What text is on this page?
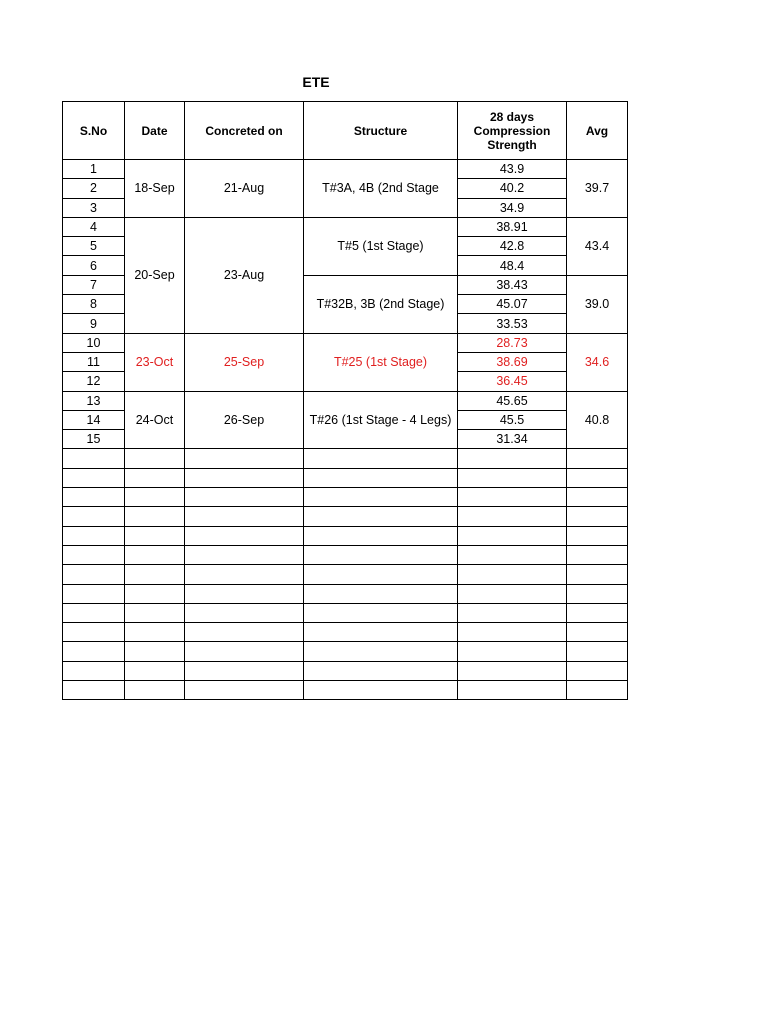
ETE
S.No	Date	Concreted on	Structure	28 days Compression Strength	Avg
1	18-Sep	21-Aug	T#3A, 4B (2nd Stage	43.9	39.7
2				40.2	
3				34.9	
4	20-Sep	23-Aug	T#5 (1st Stage)	38.91	43.4
5				42.8	
6				48.4	
7			T#32B, 3B (2nd Stage)	38.43	39.0
8				45.07	
9				33.53	
10	23-Oct	25-Sep	T#25 (1st Stage)	28.73	34.6
11				38.69	
12				36.45	
13	24-Oct	26-Sep	T#26 (1st Stage - 4 Legs)	45.65	40.8
14				45.5	
15				31.34	
